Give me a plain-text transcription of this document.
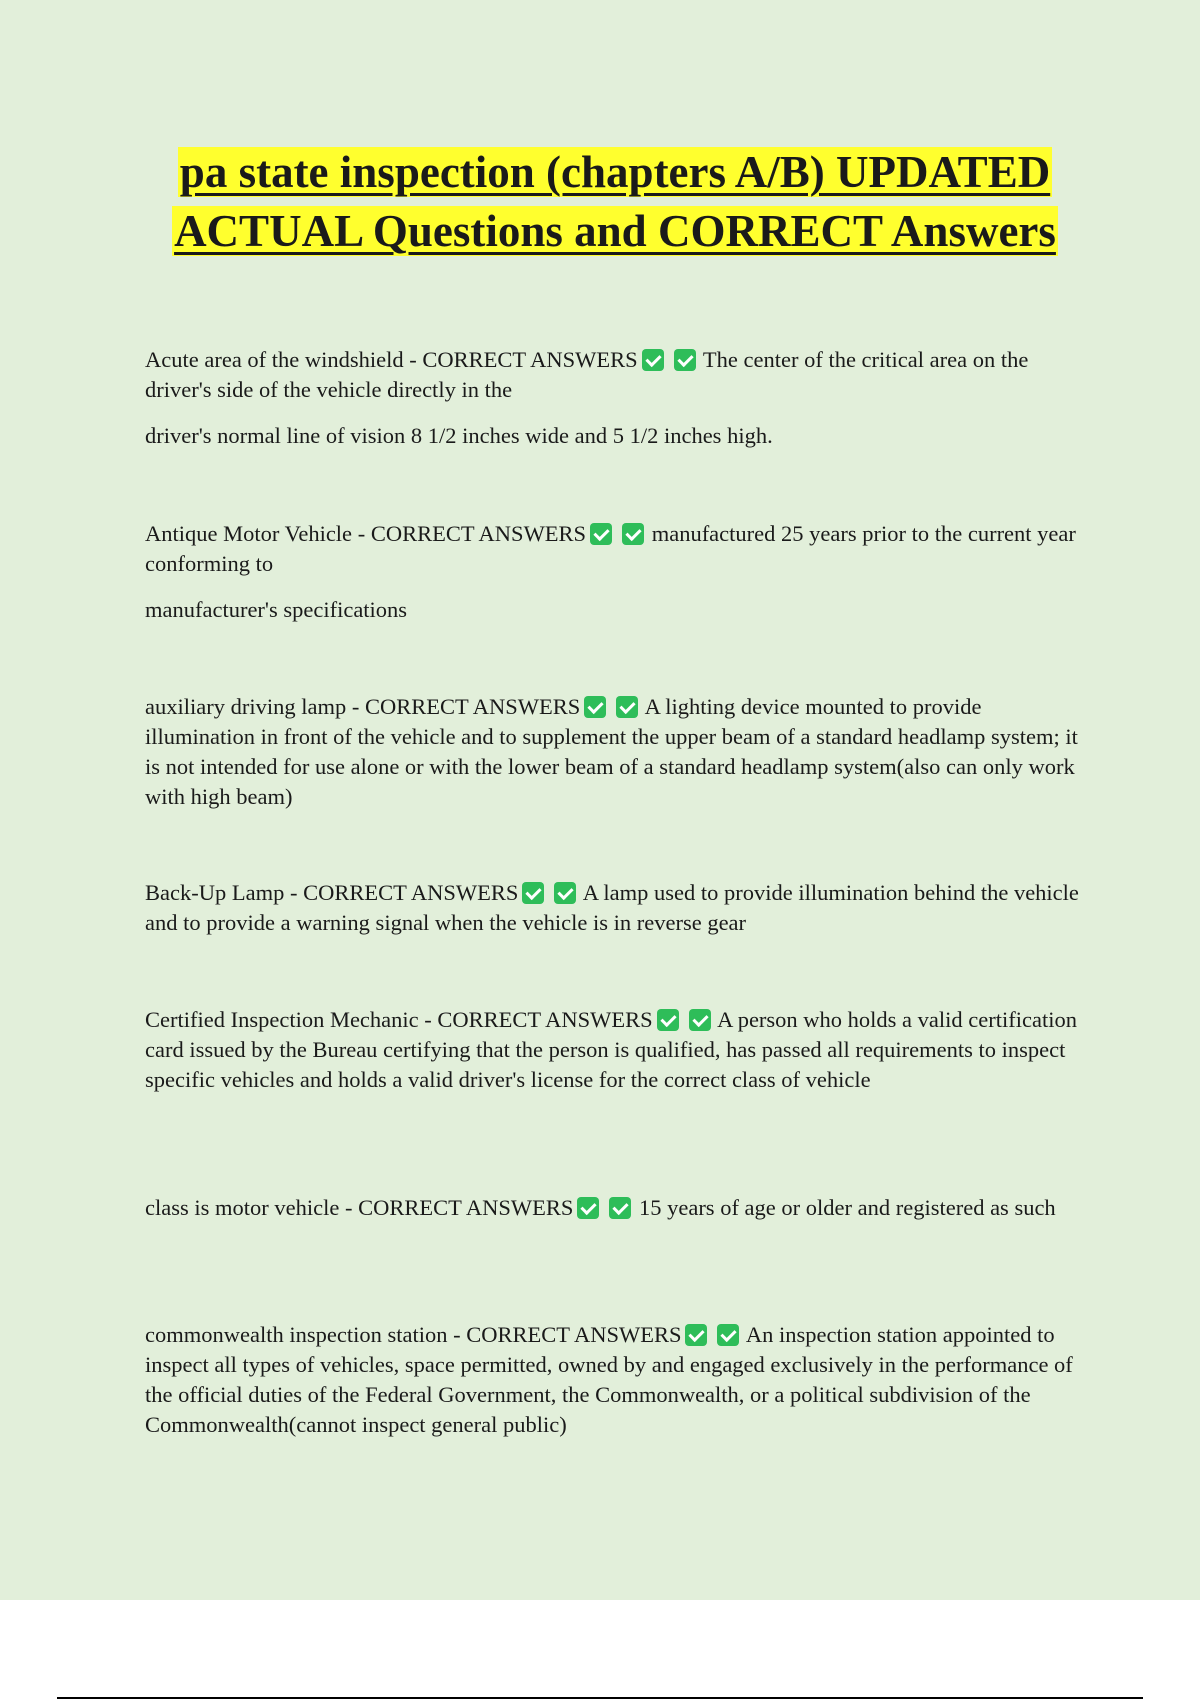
pa state inspection (chapters A/B) UPDATED ACTUAL Questions and CORRECT Answers

Acute area of the windshield - CORRECT ANSWERS	The center of the critical area on the driver's side of the vehicle directly in the

driver's normal line of vision 8 1/2 inches wide and 5 1/2 inches high.

Antique Motor Vehicle - CORRECT ANSWERS	manufactured 25 years prior to the current year conforming to

manufacturer's specifications

auxiliary driving lamp - CORRECT ANSWERS	A lighting device mounted to provide illumination in front of the vehicle and to supplement the upper beam of a standard headlamp system; it is not intended for use alone or with the lower beam of a standard headlamp system(also can only work with high beam)

Back-Up Lamp - CORRECT ANSWERS	A lamp used to provide illumination behind the vehicle and to provide a warning signal when the vehicle is in reverse gear

Certified Inspection Mechanic - CORRECT ANSWERS	A person who holds a valid certification card issued by the Bureau certifying that the person is qualified, has passed all requirements to inspect specific vehicles and holds a valid driver's license for the correct class of vehicle

class is motor vehicle - CORRECT ANSWERS	15 years of age or older and registered as such

commonwealth inspection station - CORRECT ANSWERS	An inspection station appointed to inspect all types of vehicles, space permitted, owned by and engaged exclusively in the performance of the official duties of the Federal Government, the Commonwealth, or a political subdivision of the Commonwealth(cannot inspect general public)
